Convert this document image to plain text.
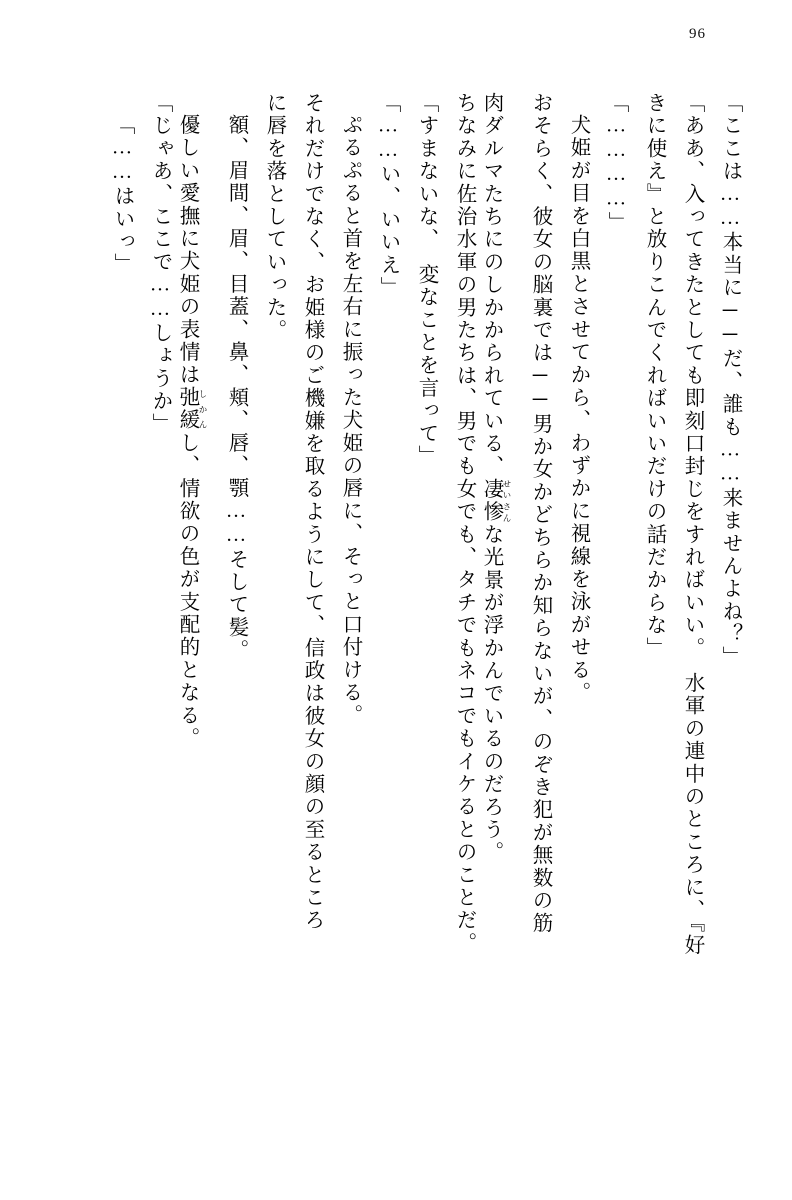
96
「ここは……本当に──だ、誰も……来ませんよね？」
「ああ、入ってきたとしても即刻口封じをすればいい。　水軍の連中のところに、『好
きに使え』と放りこんでくればいいだけの話だからな」
「…………」
犬姫が目を白黒とさせてから、わずかに視線を泳がせる。
おそらく、彼女の脳裏では──男か女かどちらか知らないが、のぞき犯が無数の筋
肉ダルマたちにのしかかられている、凄惨 せいさんな光景が浮かんでいるのだろう。
ちなみに佐治水軍の男たちは、男でも女でも、タチでもネコでもイケるとのことだ。
「すまないな、　変なことを言って」
「……い、いいえ」
ぷるぷると首を左右に振った犬姫の唇に、そっと口付ける。
それだけでなく、お姫様のご機嫌を取るようにして、信政は彼女の顔の至るところ
に唇を落としていった。
額、眉間、眉、目蓋、鼻、頬、唇、顎……そして髪。
優しい愛撫に犬姫の表情は弛緩 しかんし、情欲の色が支配的となる。
「じゃあ、ここで……しょうか」
「……はいっ」
